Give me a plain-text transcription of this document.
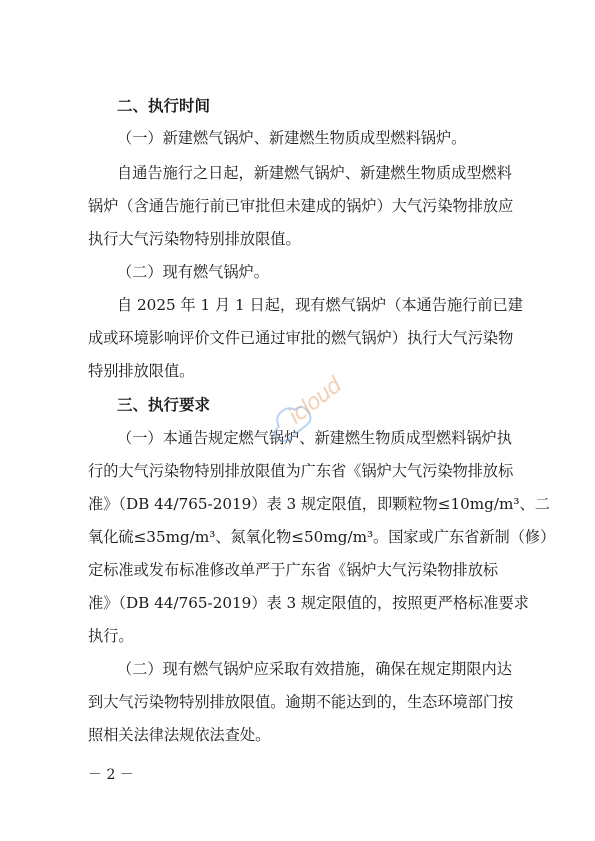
二、执行时间
（一）新建燃气锅炉、新建燃生物质成型燃料锅炉。
自通告施行之日起，新建燃气锅炉、新建燃生物质成型燃料
锅炉（含通告施行前已审批但未建成的锅炉）大气污染物排放应
执行大气污染物特别排放限值。
（二）现有燃气锅炉。
自 2025 年 1 月 1 日起，现有燃气锅炉（本通告施行前已建
成或环境影响评价文件已通过审批的燃气锅炉）执行大气污染物
特别排放限值。
三、执行要求
（一）本通告规定燃气锅炉、新建燃生物质成型燃料锅炉执
行的大气污染物特别排放限值为广东省《锅炉大气污染物排放标
准》（DB 44/765-2019）表 3 规定限值，即颗粒物≤10mg/m³、二
氧化硫≤35mg/m³、氮氧化物≤50mg/m³。国家或广东省新制（修）
定标准或发布标准修改单严于广东省《锅炉大气污染物排放标
准》（DB 44/765-2019）表 3 规定限值的，按照更严格标准要求
执行。
（二）现有燃气锅炉应采取有效措施，确保在规定期限内达
到大气污染物特别排放限值。逾期不能达到的，生态环境部门按
照相关法律法规依法查处。
icloud
－ 2 －
